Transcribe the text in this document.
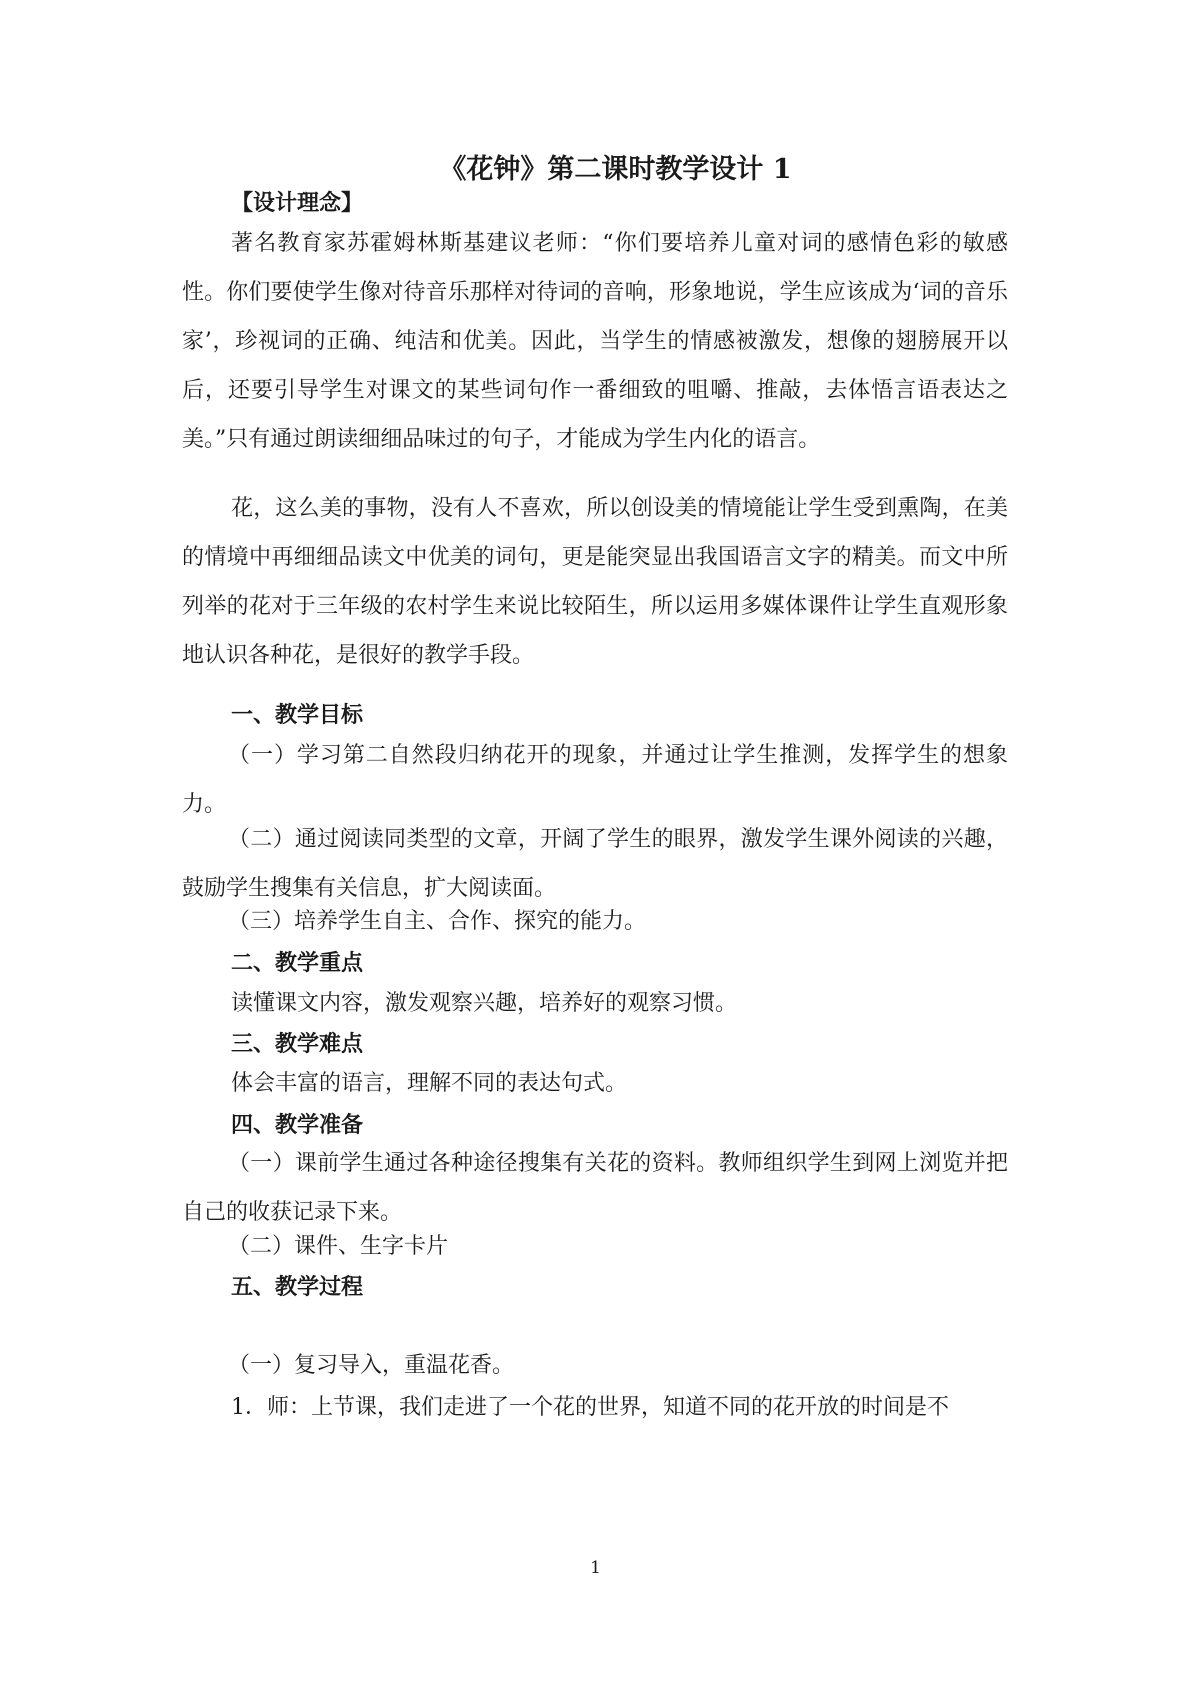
《花钟》第二课时教学设计 1
【设计理念】
著名教育家苏霍姆林斯基建议老师：“你们要培养儿童对词的感情色彩的敏感性。你们要使学生像对待音乐那样对待词的音响，形象地说，学生应该成为‘词的音乐家’，珍视词的正确、纯洁和优美。因此，当学生的情感被激发，想像的翅膀展开以后，还要引导学生对课文的某些词句作一番细致的咀嚼、推敲，去体悟言语表达之美。”只有通过朗读细细品味过的句子，才能成为学生内化的语言。
花，这么美的事物，没有人不喜欢，所以创设美的情境能让学生受到熏陶，在美的情境中再细细品读文中优美的词句，更是能突显出我国语言文字的精美。而文中所列举的花对于三年级的农村学生来说比较陌生，所以运用多媒体课件让学生直观形象地认识各种花，是很好的教学手段。
一、教学目标
（一）学习第二自然段归纳花开的现象，并通过让学生推测，发挥学生的想象力。
（二）通过阅读同类型的文章，开阔了学生的眼界，激发学生课外阅读的兴趣，鼓励学生搜集有关信息，扩大阅读面。
（三）培养学生自主、合作、探究的能力。
二、教学重点
读懂课文内容，激发观察兴趣，培养好的观察习惯。
三、教学难点
体会丰富的语言，理解不同的表达句式。
四、教学准备
（一）课前学生通过各种途径搜集有关花的资料。教师组织学生到网上浏览并把自己的收获记录下来。
（二）课件、生字卡片
五、教学过程
（一）复习导入，重温花香。
1．师：上节课，我们走进了一个花的世界，知道不同的花开放的时间是不
1
